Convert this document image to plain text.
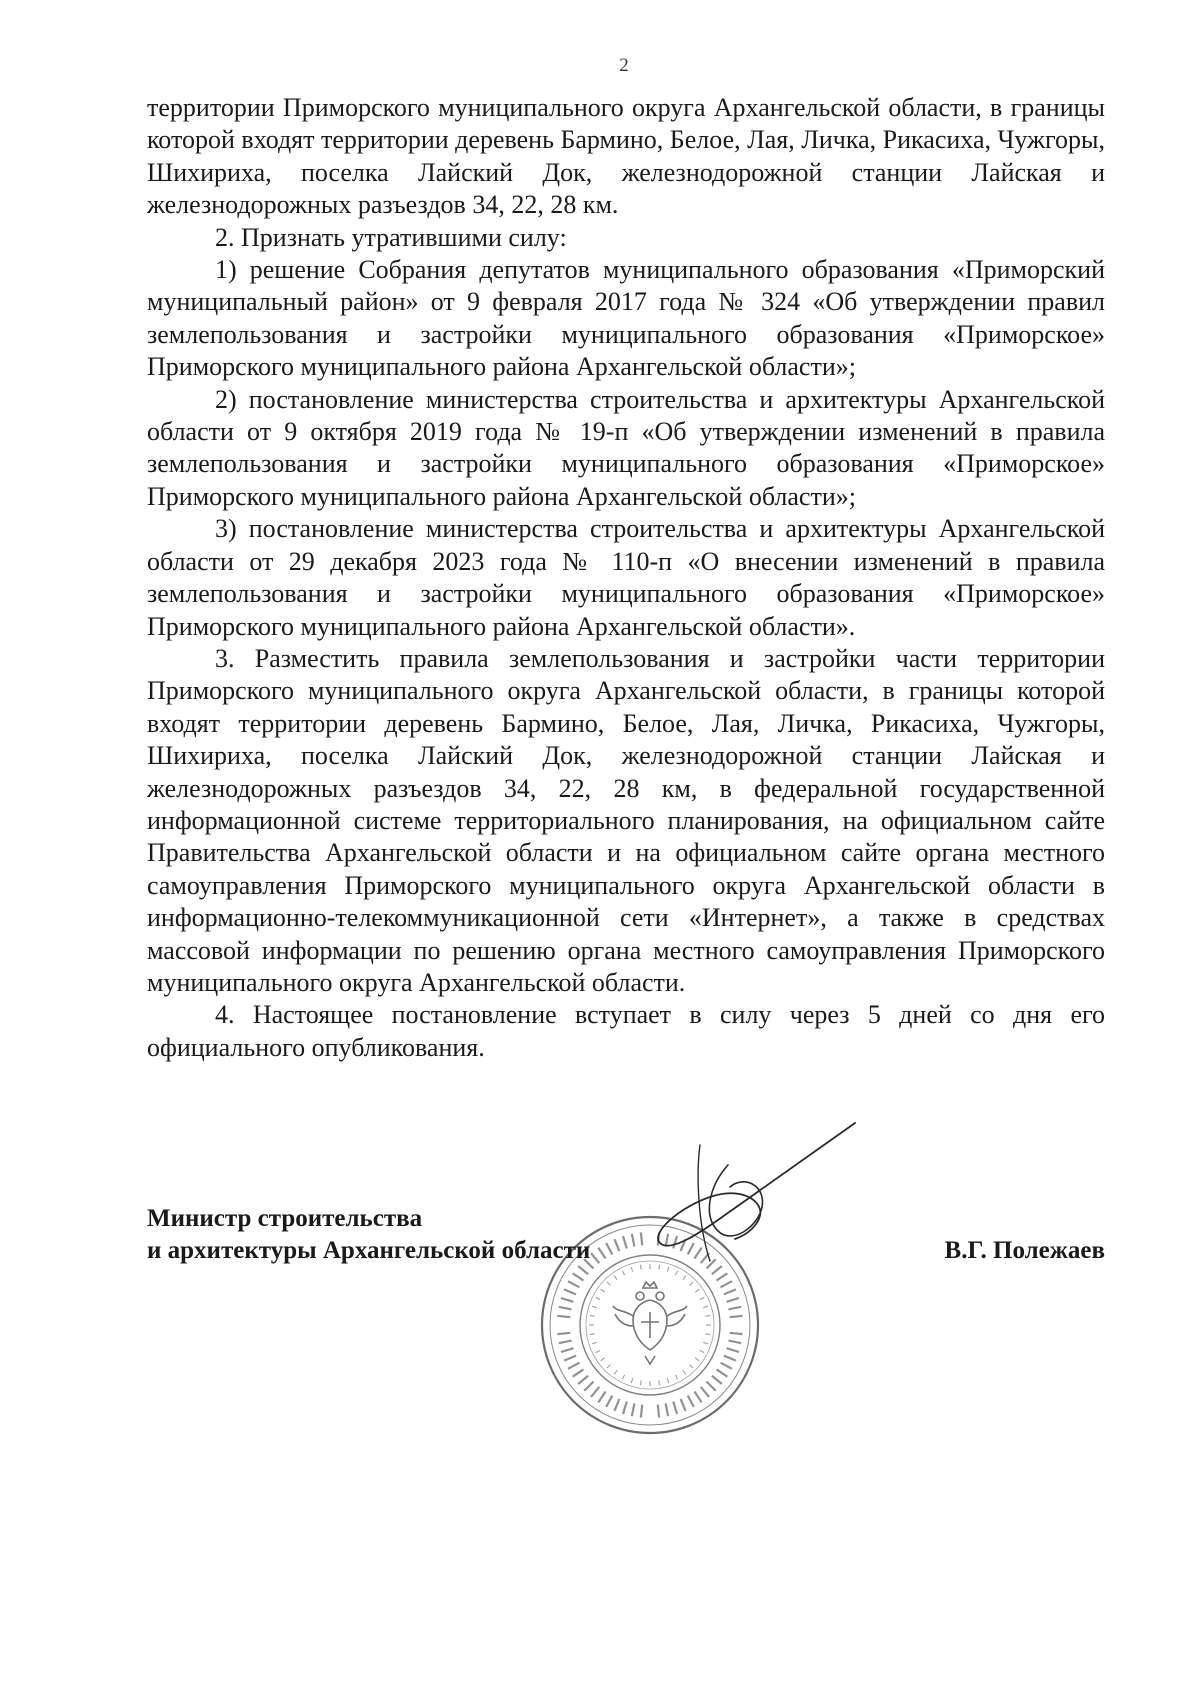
2

территории Приморского муниципального округа Архангельской области, в границы которой входят территории деревень Бармино, Белое, Лая, Личка, Рикасиха, Чужгоры, Шихириха, поселка Лайский Док, железнодорожной станции Лайская и железнодорожных разъездов 34, 22, 28 км.

2. Признать утратившими силу:

1) решение Собрания депутатов муниципального образования «Приморский муниципальный район» от 9 февраля 2017 года № 324 «Об утверждении правил землепользования и застройки муниципального образования «Приморское» Приморского муниципального района Архангельской области»;

2) постановление министерства строительства и архитектуры Архангельской области от 9 октября 2019 года № 19-п «Об утверждении изменений в правила землепользования и застройки муниципального образования «Приморское» Приморского муниципального района Архангельской области»;

3) постановление министерства строительства и архитектуры Архангельской области от 29 декабря 2023 года № 110-п «О внесении изменений в правила землепользования и застройки муниципального образования «Приморское» Приморского муниципального района Архангельской области».

3. Разместить правила землепользования и застройки части территории Приморского муниципального округа Архангельской области, в границы которой входят территории деревень Бармино, Белое, Лая, Личка, Рикасиха, Чужгоры, Шихириха, поселка Лайский Док, железнодорожной станции Лайская и железнодорожных разъездов 34, 22, 28 км, в федеральной государственной информационной системе территориального планирования, на официальном сайте Правительства Архангельской области и на официальном сайте органа местного самоуправления Приморского муниципального округа Архангельской области в информационно-телекоммуникационной сети «Интернет», а также в средствах массовой информации по решению органа местного самоуправления Приморского муниципального округа Архангельской области.

4. Настоящее постановление вступает в силу через 5 дней со дня его официального опубликования.

Министр строительства
и архитектуры Архангельской области	В.Г. Полежаев
